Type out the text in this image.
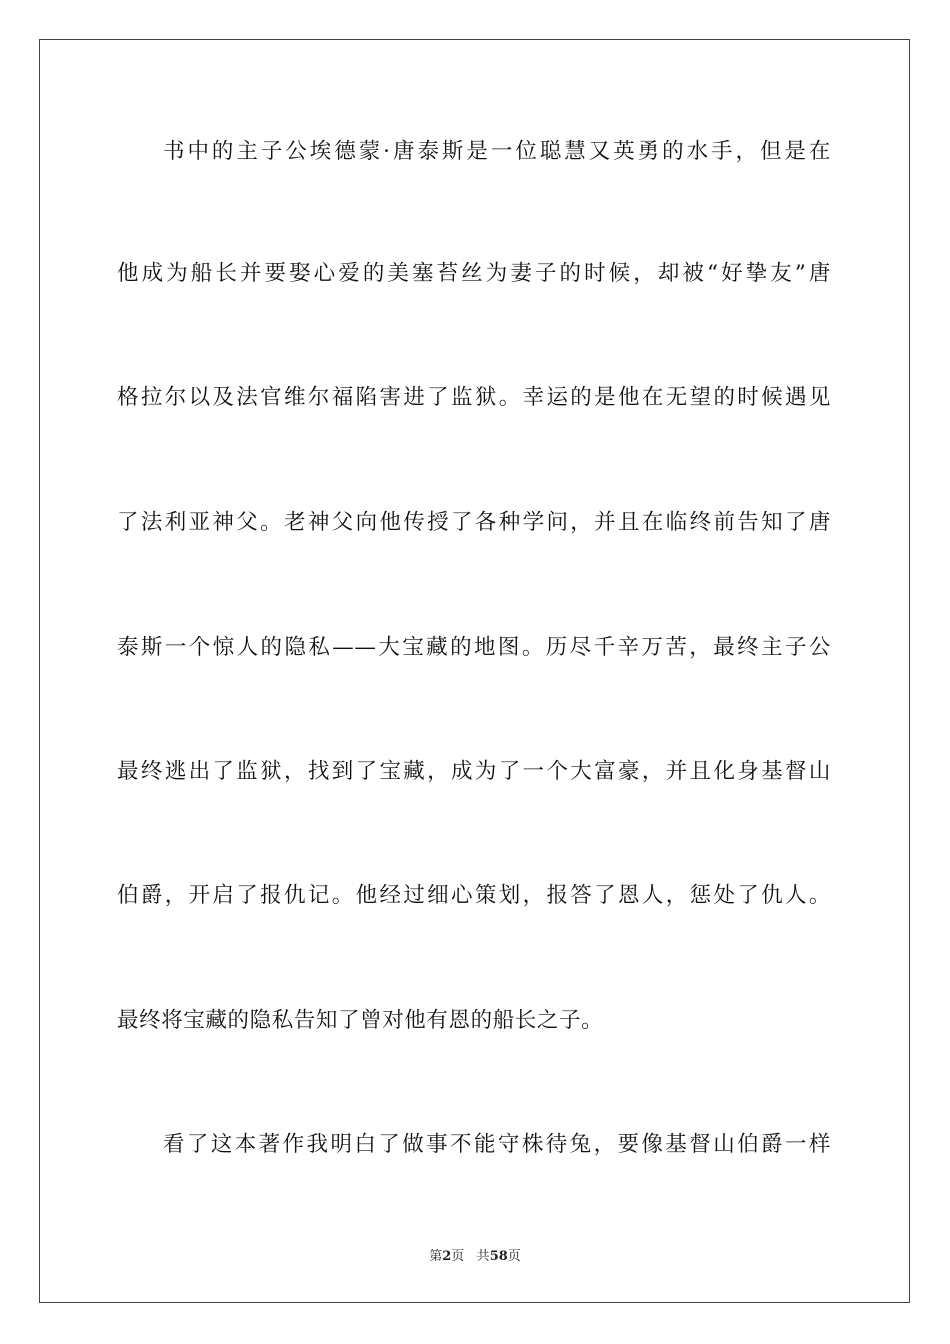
书中的主子公埃德蒙·唐泰斯是一位聪慧又英勇的水手，但是在
他成为船长并要娶心爱的美塞苔丝为妻子的时候，却被“好挚友”唐
格拉尔以及法官维尔福陷害进了监狱。幸运的是他在无望的时候遇见
了法利亚神父。老神父向他传授了各种学问，并且在临终前告知了唐
泰斯一个惊人的隐私——大宝藏的地图。历尽千辛万苦，最终主子公
最终逃出了监狱，找到了宝藏，成为了一个大富豪，并且化身基督山
伯爵，开启了报仇记。他经过细心策划，报答了恩人，惩处了仇人。
最终将宝藏的隐私告知了曾对他有恩的船长之子。
看了这本著作我明白了做事不能守株待兔，要像基督山伯爵一样
第2页 共58页
